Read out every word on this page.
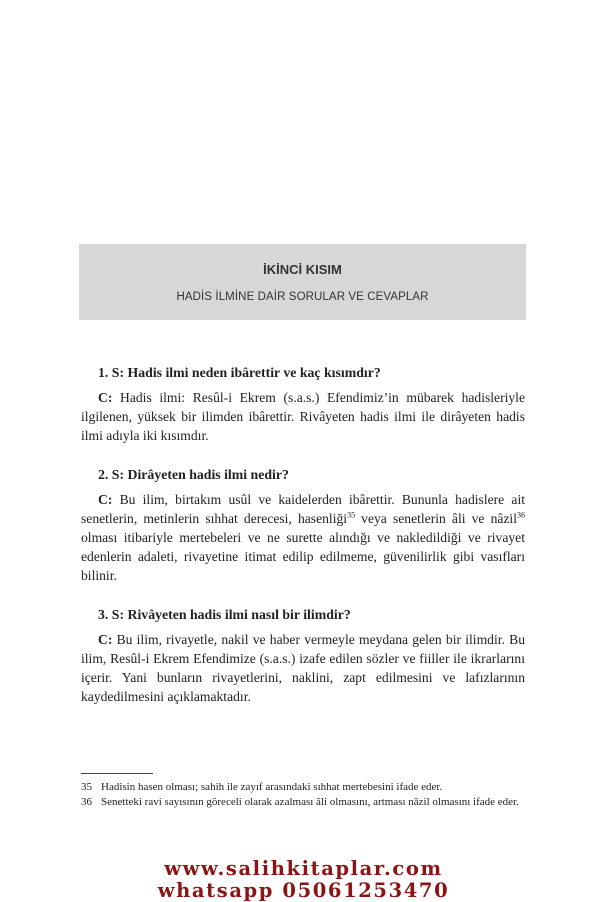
İKİNCİ KISIM
HADİS İLMİNE DAİR SORULAR VE CEVAPLAR
1. S: Hadis ilmi neden ibârettir ve kaç kısımdır?
C: Hadis ilmi: Resûl-i Ekrem (s.a.s.) Efendimiz’in mübarek hadisleriyle ilgilenen, yüksek bir ilimden ibârettir. Rivâyeten hadis ilmi ile dirâyeten hadis ilmi adıyla iki kısımdır.
2. S: Dirâyeten hadis ilmi nedir?
C: Bu ilim, birtakım usûl ve kaidelerden ibârettir. Bununla hadislere ait senetlerin, metinlerin sıhhat derecesi, hasenliği$^{35}$ veya senetlerin âli ve nâzil$^{36}$ olması itibariyle mertebeleri ve ne surette alındığı ve nakledildiği ve rivayet edenlerin adaleti, rivayetine itimat edilip edilmeme, güvenilirlik gibi vasıfları bilinir.
3. S: Rivâyeten hadis ilmi nasıl bir ilimdir?
C: Bu ilim, rivayetle, nakil ve haber vermeyle meydana gelen bir ilimdir. Bu ilim, Resûl-i Ekrem Efendimize (s.a.s.) izafe edilen sözler ve fiiller ile ikrarlarını içerir. Yani bunların rivayetlerini, naklini, zapt edilmesini ve lafızlarının kaydedilmesini açıklamaktadır.
35 Hadisin hasen olması; sahih ile zayıf arasındaki sıhhat mertebesini ifade eder.
36 Senetteki ravi sayısının göreceli olarak azalması âli olmasını, artması nâzil olmasını ifade eder.
www.salihkitaplar.com
whatsapp 05061253470
